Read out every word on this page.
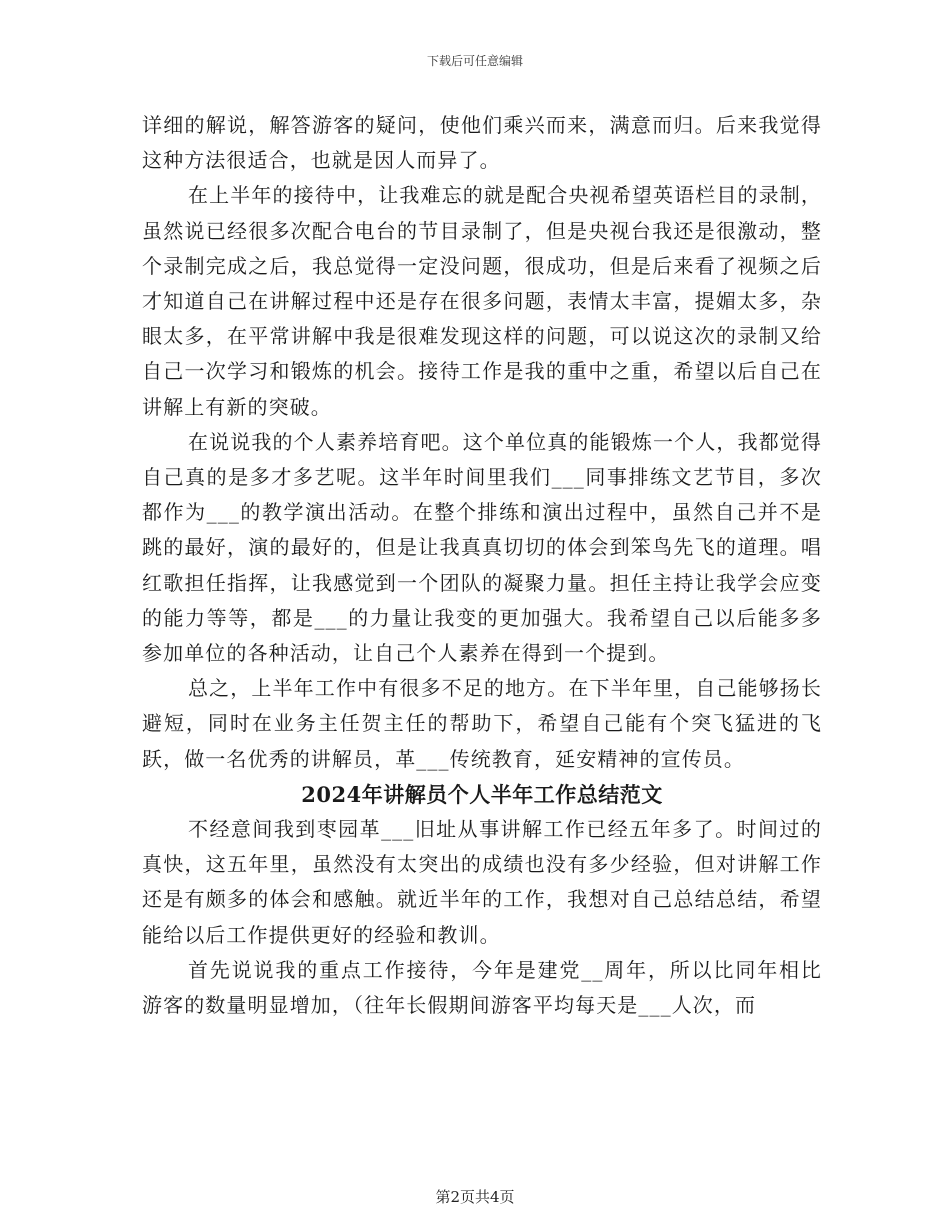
下载后可任意编辑

详细的解说，解答游客的疑问，使他们乘兴而来，满意而归。后来我觉得这种方法很适合，也就是因人而异了。

在上半年的接待中，让我难忘的就是配合央视希望英语栏目的录制，虽然说已经很多次配合电台的节目录制了，但是央视台我还是很激动，整个录制完成之后，我总觉得一定没问题，很成功，但是后来看了视频之后才知道自己在讲解过程中还是存在很多问题，表情太丰富，提媚太多，杂眼太多，在平常讲解中我是很难发现这样的问题，可以说这次的录制又给自己一次学习和锻炼的机会。接待工作是我的重中之重，希望以后自己在讲解上有新的突破。

在说说我的个人素养培育吧。这个单位真的能锻炼一个人，我都觉得自己真的是多才多艺呢。这半年时间里我们___同事排练文艺节目，多次都作为___的教学演出活动。在整个排练和演出过程中，虽然自己并不是跳的最好，演的最好的，但是让我真真切切的体会到笨鸟先飞的道理。唱红歌担任指挥，让我感觉到一个团队的凝聚力量。担任主持让我学会应变的能力等等，都是___的力量让我变的更加强大。我希望自己以后能多多参加单位的各种活动，让自己个人素养在得到一个提到。

总之，上半年工作中有很多不足的地方。在下半年里，自己能够扬长避短，同时在业务主任贺主任的帮助下，希望自己能有个突飞猛进的飞跃，做一名优秀的讲解员，革___传统教育，延安精神的宣传员。

2024年讲解员个人半年工作总结范文

不经意间我到枣园革___旧址从事讲解工作已经五年多了。时间过的真快，这五年里，虽然没有太突出的成绩也没有多少经验，但对讲解工作还是有颇多的体会和感触。就近半年的工作，我想对自己总结总结，希望能给以后工作提供更好的经验和教训。

首先说说我的重点工作接待，今年是建党__周年，所以比同年相比游客的数量明显增加，（往年长假期间游客平均每天是___人次，而

第2页共4页
